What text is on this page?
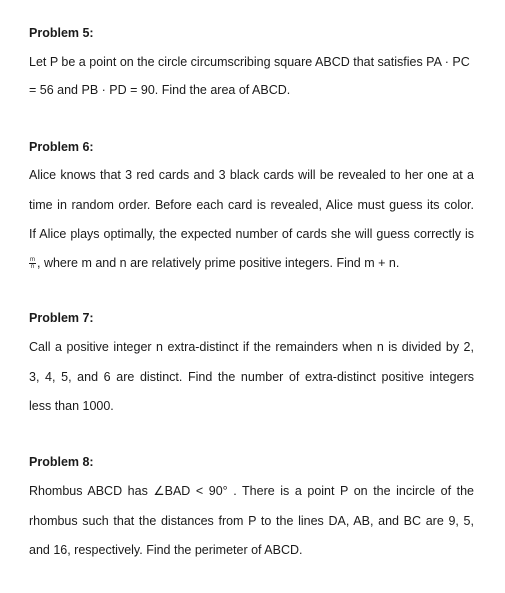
Problem 5:

Let P be a point on the circle circumscribing square ABCD that satisfies PA · PC

= 56 and PB · PD = 90. Find the area of ABCD.

Problem 6:

Alice knows that 3 red cards and 3 black cards will be revealed to her one at a

time in random order. Before each card is revealed, Alice must guess its color.

If Alice plays optimally, the expected number of cards she will guess correctly is

$\frac{m}{n}$ , where m and n are relatively prime positive integers. Find m + n.

Problem 7:

Call a positive integer n extra-distinct if the remainders when n is divided by 2,

3, 4, 5, and 6 are distinct. Find the number of extra-distinct positive integers

less than 1000.

Problem 8:

Rhombus ABCD has ∠BAD < 90° . There is a point P on the incircle of the

rhombus such that the distances from P to the lines DA, AB, and BC are 9, 5,

and 16, respectively. Find the perimeter of ABCD.
